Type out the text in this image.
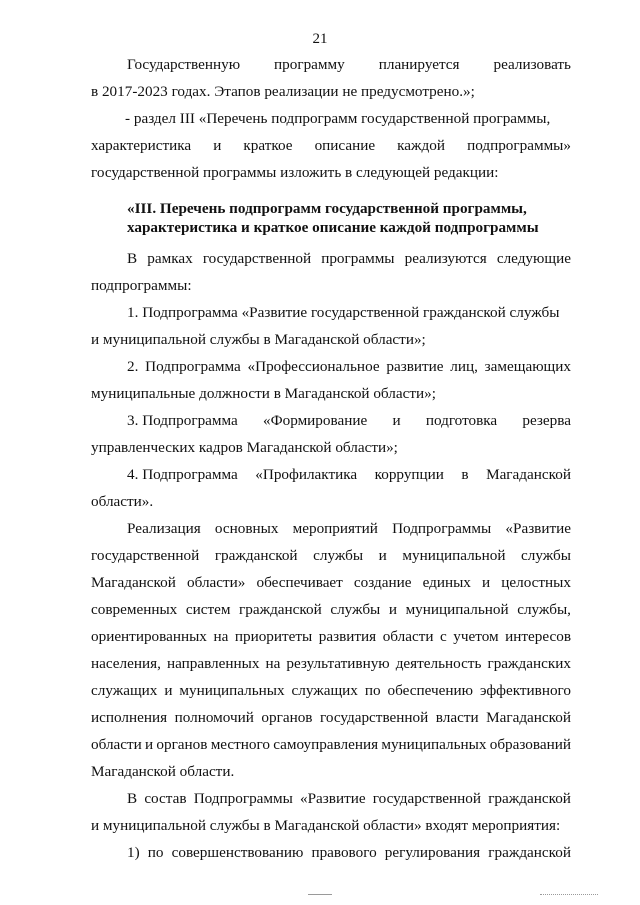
21
«III. Перечень подпрограмм государственной программы,
характеристика и краткое описание каждой подпрограммы
Государственную программу планируется реализовать
в 2017-2023 годах. Этапов реализации не предусмотрено.»;
- раздел III «Перечень подпрограмм государственной программы,
характеристика и краткое описание каждой подпрограммы»
государственной программы изложить в следующей редакции:
В рамках государственной программы реализуются следующие
подпрограммы:
1. Подпрограмма «Развитие государственной гражданской службы
и муниципальной службы в Магаданской области»;
2. Подпрограмма «Профессиональное развитие лиц, замещающих
муниципальные должности в Магаданской области»;
3. Подпрограмма «Формирование и подготовка резерва
управленческих кадров Магаданской области»;
4. Подпрограмма «Профилактика коррупции в Магаданской
области».
Реализация основных мероприятий Подпрограммы «Развитие
государственной гражданской службы и муниципальной службы
Магаданской области» обеспечивает создание единых и целостных
современных систем гражданской службы и муниципальной службы,
ориентированных на приоритеты развития области с учетом интересов
населения, направленных на результативную деятельность гражданских
служащих и муниципальных служащих по обеспечению эффективного
исполнения полномочий органов государственной власти Магаданской
области и органов местного самоуправления муниципальных образований
Магаданской области.
В состав Подпрограммы «Развитие государственной гражданской
и муниципальной службы в Магаданской области» входят мероприятия:
1) по совершенствованию правового регулирования гражданской
